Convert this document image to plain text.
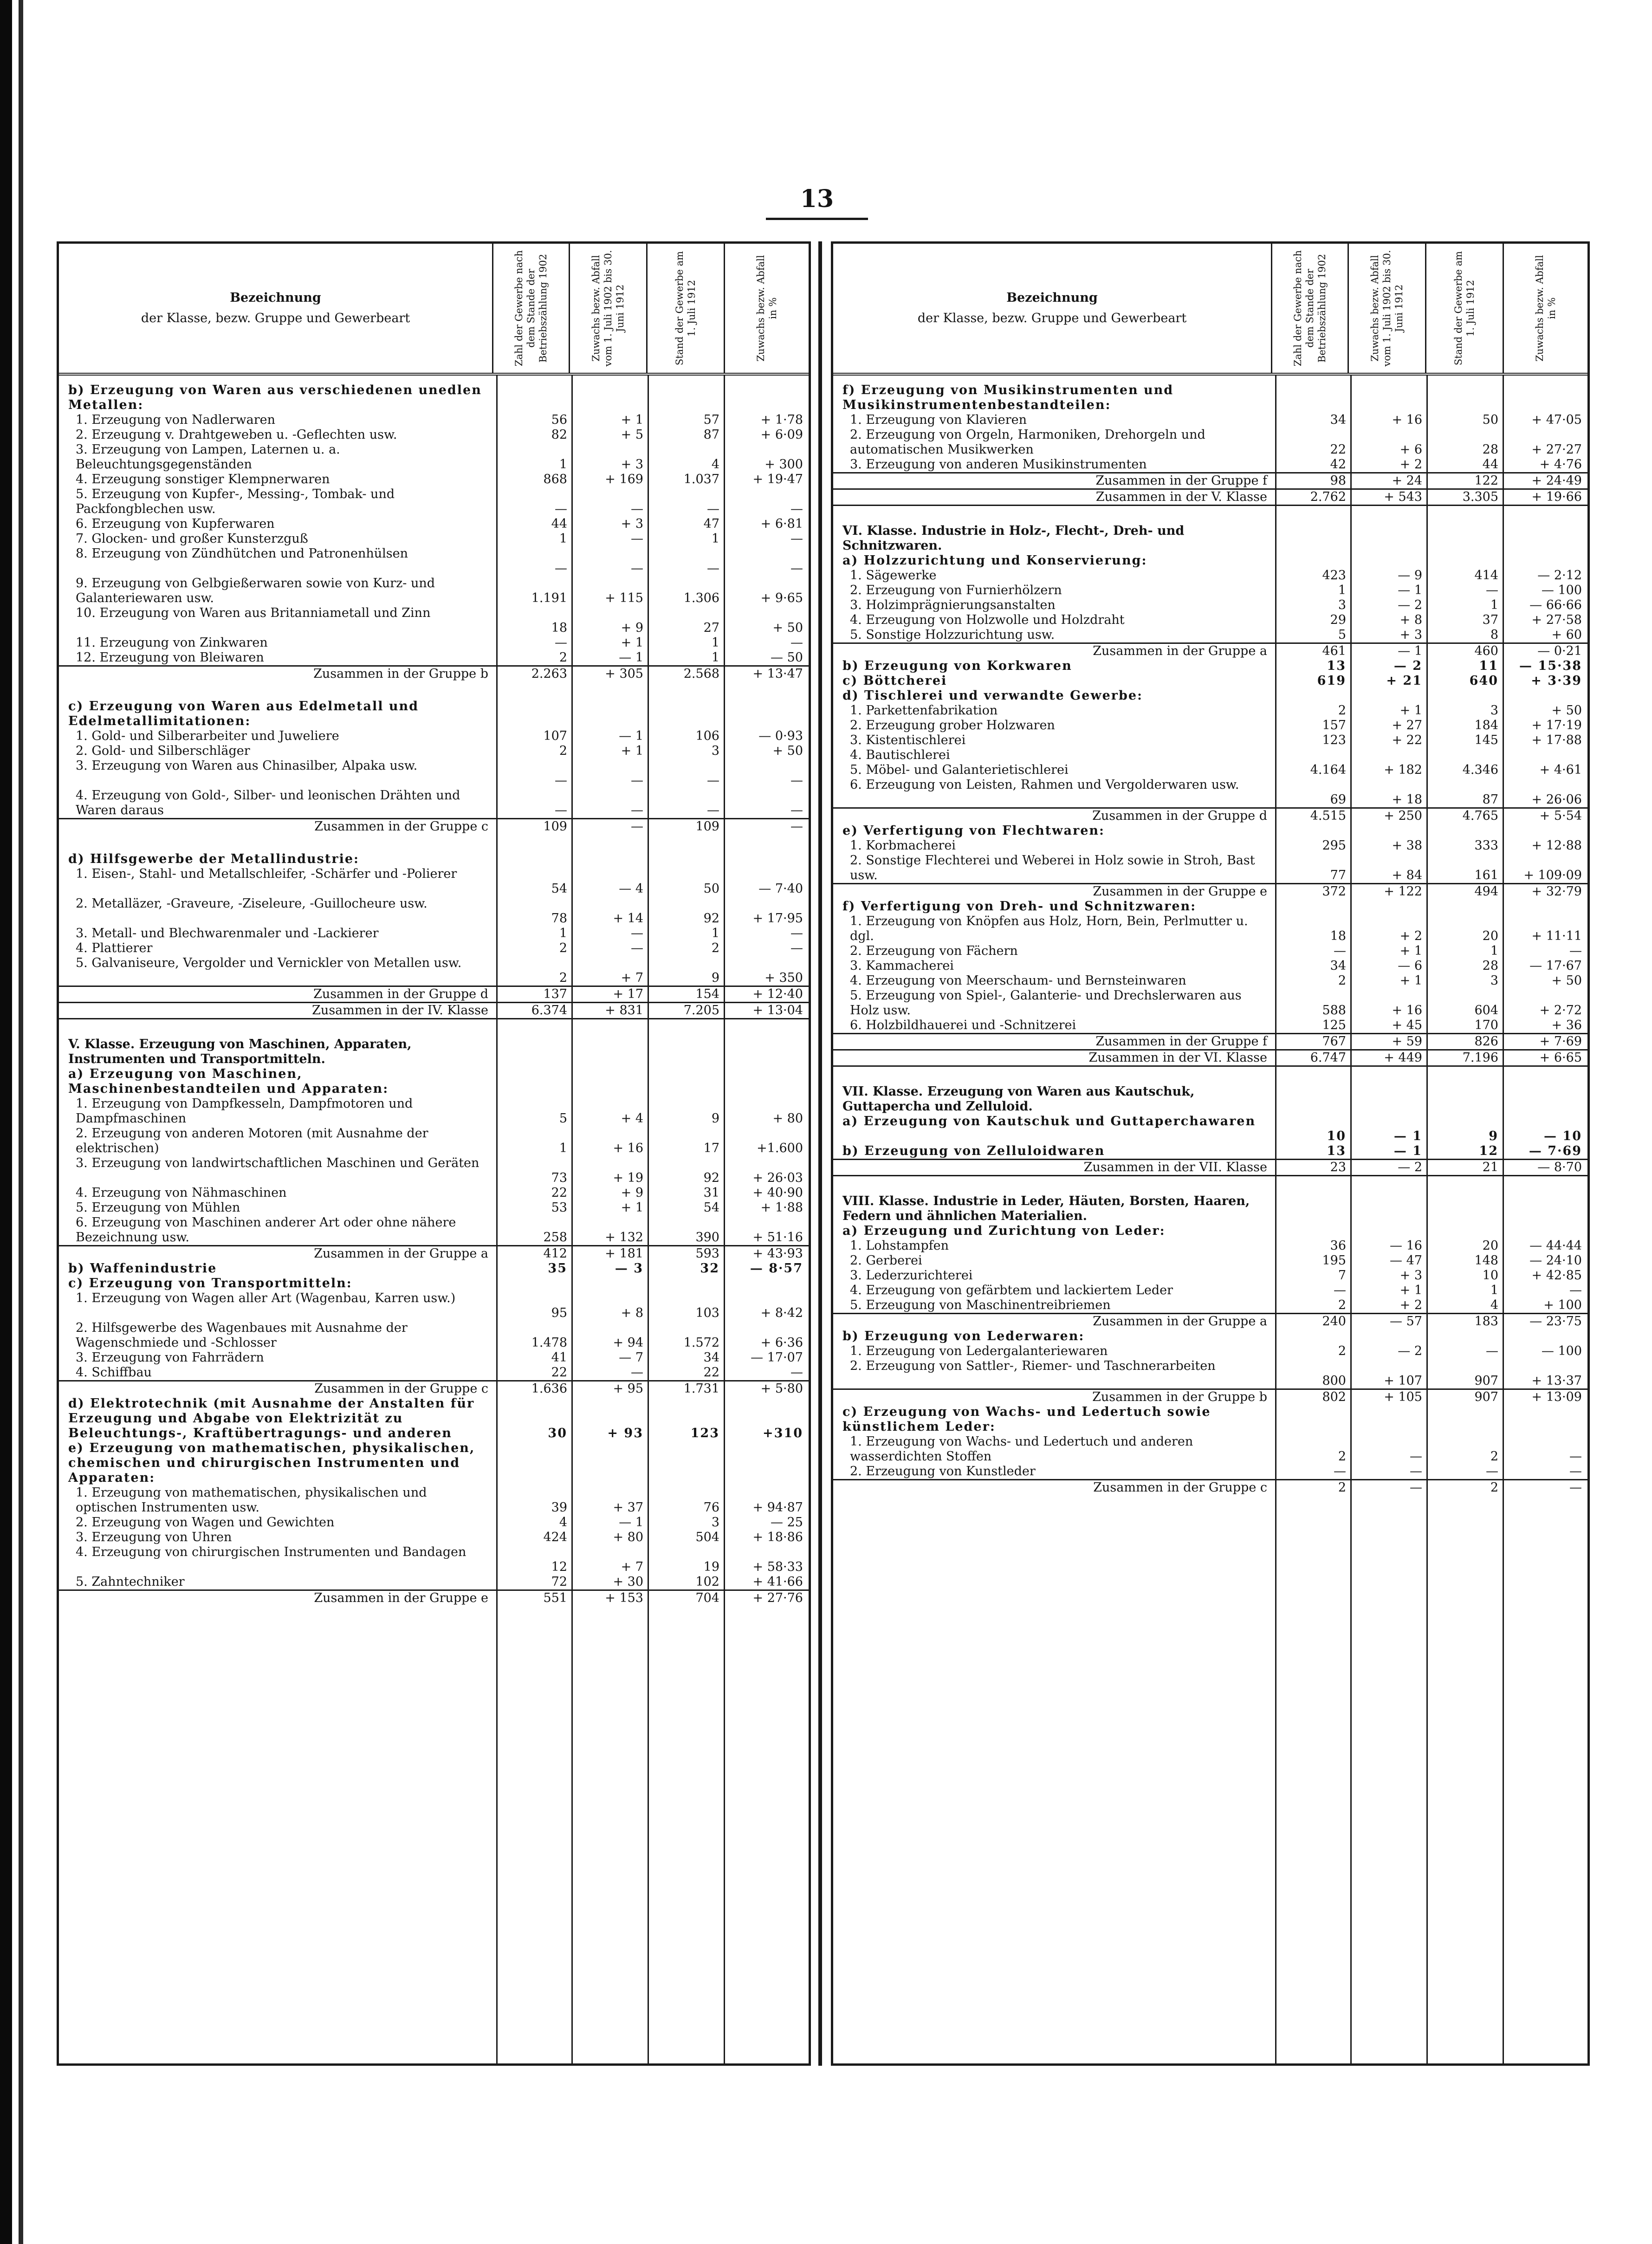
13
Bezeichnung
der Klasse, bezw. Gruppe und Gewerbeart	Zahl der Gewerbe nach dem Stande der Betriebszählung 1902	Zuwachs bezw. Abfall vom 1. Juli 1902 bis 30. Juni 1912	Stand der Gewerbe am 1. Juli 1912	Zuwachs bezw. Abfall in %
b) Erzeugung von Waren aus verschiedenen unedlen Metallen:
1. Erzeugung von Nadlerwaren	56	+ 1	57	+ 1·78
2. Erzeugung v. Drahtgeweben u. -Geflechten usw.	82	+ 5	87	+ 6·09
3. Erzeugung von Lampen, Laternen u. a. Beleuchtungsgegenständen	1	+ 3	4	+ 300
4. Erzeugung sonstiger Klempnerwaren	868	+ 169	1.037	+ 19·47
5. Erzeugung von Kupfer-, Messing-, Tombak- und Packfongblechen usw.	—	—	—	—
6. Erzeugung von Kupferwaren	44	+ 3	47	+ 6·81
7. Glocken- und großer Kunsterzguß	1	—	1	—
8. Erzeugung von Zündhütchen und Patronenhülsen
—	—	—	—
9. Erzeugung von Gelbgießerwaren sowie von Kurz- und Galanteriewaren usw.	1.191	+ 115	1.306	+ 9·65
10. Erzeugung von Waren aus Britanniametall und Zinn
18	+ 9	27	+ 50
11. Erzeugung von Zinkwaren	—	+ 1	1	—
12. Erzeugung von Bleiwaren	2	— 1	1	— 50
Zusammen in der Gruppe b	2.263	+ 305	2.568	+ 13·47
c) Erzeugung von Waren aus Edelmetall und Edelmetallimitationen:
1. Gold- und Silberarbeiter und Juweliere	107	— 1	106	— 0·93
2. Gold- und Silberschläger	2	+ 1	3	+ 50
3. Erzeugung von Waren aus Chinasilber, Alpaka usw.
—	—	—	—
4. Erzeugung von Gold-, Silber- und leonischen Drähten und Waren daraus	—	—	—	—
Zusammen in der Gruppe c	109	—	109	—
d) Hilfsgewerbe der Metallindustrie:
1. Eisen-, Stahl- und Metallschleifer, -Schärfer und -Polierer
54	— 4	50	— 7·40
2. Metalläzer, -Graveure, -Ziseleure, -Guillocheure usw.
78	+ 14	92	+ 17·95
3. Metall- und Blechwarenmaler und -Lackierer	1	—	1	—
4. Plattierer	2	—	2	—
5. Galvaniseure, Vergolder und Vernickler von Metallen usw.
2	+ 7	9	+ 350
Zusammen in der Gruppe d	137	+ 17	154	+ 12·40
Zusammen in der IV. Klasse	6.374	+ 831	7.205	+ 13·04
V. Klasse. Erzeugung von Maschinen, Apparaten, Instrumenten und Transportmitteln.
a) Erzeugung von Maschinen, Maschinenbestandteilen und Apparaten:
1. Erzeugung von Dampfkesseln, Dampfmotoren und Dampfmaschinen	5	+ 4	9	+ 80
2. Erzeugung von anderen Motoren (mit Ausnahme der elektrischen)	1	+ 16	17	+1.600
3. Erzeugung von landwirtschaftlichen Maschinen und Geräten
73	+ 19	92	+ 26·03
4. Erzeugung von Nähmaschinen	22	+ 9	31	+ 40·90
5. Erzeugung von Mühlen	53	+ 1	54	+ 1·88
6. Erzeugung von Maschinen anderer Art oder ohne nähere Bezeichnung usw.	258	+ 132	390	+ 51·16
Zusammen in der Gruppe a	412	+ 181	593	+ 43·93
b) Waffenindustrie	35	— 3	32	— 8·57
c) Erzeugung von Transportmitteln:
1. Erzeugung von Wagen aller Art (Wagenbau, Karren usw.)
95	+ 8	103	+ 8·42
2. Hilfsgewerbe des Wagenbaues mit Ausnahme der Wagenschmiede und -Schlosser	1.478	+ 94	1.572	+ 6·36
3. Erzeugung von Fahrrädern	41	— 7	34	— 17·07
4. Schiffbau	22	—	22	—
Zusammen in der Gruppe c	1.636	+ 95	1.731	+ 5·80
d) Elektrotechnik (mit Ausnahme der Anstalten für Erzeugung und Abgabe von Elektrizität zu Beleuchtungs-, Kraftübertragungs- und anderen	30	+ 93	123	+310
e) Erzeugung von mathematischen, physikalischen, chemischen und chirurgischen Instrumenten und Apparaten:
1. Erzeugung von mathematischen, physikalischen und optischen Instrumenten usw.	39	+ 37	76	+ 94·87
2. Erzeugung von Wagen und Gewichten	4	— 1	3	— 25
3. Erzeugung von Uhren	424	+ 80	504	+ 18·86
4. Erzeugung von chirurgischen Instrumenten und Bandagen
12	+ 7	19	+ 58·33
5. Zahntechniker	72	+ 30	102	+ 41·66
Zusammen in der Gruppe e	551	+ 153	704	+ 27·76
Bezeichnung
der Klasse, bezw. Gruppe und Gewerbeart	Zahl der Gewerbe nach dem Stande der Betriebszählung 1902	Zuwachs bezw. Abfall vom 1. Juli 1902 bis 30. Juni 1912	Stand der Gewerbe am 1. Juli 1912	Zuwachs bezw. Abfall in %
f) Erzeugung von Musikinstrumenten und Musikinstrumentenbestandteilen:
1. Erzeugung von Klavieren	34	+ 16	50	+ 47·05
2. Erzeugung von Orgeln, Harmoniken, Drehorgeln und automatischen Musikwerken	22	+ 6	28	+ 27·27
3. Erzeugung von anderen Musikinstrumenten	42	+ 2	44	+ 4·76
Zusammen in der Gruppe f	98	+ 24	122	+ 24·49
Zusammen in der V. Klasse	2.762	+ 543	3.305	+ 19·66
VI. Klasse. Industrie in Holz-, Flecht-, Dreh- und Schnitzwaren.
a) Holzzurichtung und Konservierung:
1. Sägewerke	423	— 9	414	— 2·12
2. Erzeugung von Furnierhölzern	1	— 1	—	— 100
3. Holzimprägnierungsanstalten	3	— 2	1	— 66·66
4. Erzeugung von Holzwolle und Holzdraht	29	+ 8	37	+ 27·58
5. Sonstige Holzzurichtung usw.	5	+ 3	8	+ 60
Zusammen in der Gruppe a	461	— 1	460	— 0·21
b) Erzeugung von Korkwaren	13	— 2	11	— 15·38
c) Böttcherei	619	+ 21	640	+ 3·39
d) Tischlerei und verwandte Gewerbe:
1. Parkettenfabrikation	2	+ 1	3	+ 50
2. Erzeugung grober Holzwaren	157	+ 27	184	+ 17·19
3. Kistentischlerei	123	+ 22	145	+ 17·88
4. Bautischlerei
5. Möbel- und Galanterietischlerei	4.164	+ 182	4.346	+ 4·61
6. Erzeugung von Leisten, Rahmen und Vergolderwaren usw.
69	+ 18	87	+ 26·06
Zusammen in der Gruppe d	4.515	+ 250	4.765	+ 5·54
e) Verfertigung von Flechtwaren:
1. Korbmacherei	295	+ 38	333	+ 12·88
2. Sonstige Flechterei und Weberei in Holz sowie in Stroh, Bast usw.	77	+ 84	161	+ 109·09
Zusammen in der Gruppe e	372	+ 122	494	+ 32·79
f) Verfertigung von Dreh- und Schnitzwaren:
1. Erzeugung von Knöpfen aus Holz, Horn, Bein, Perlmutter u. dgl.	18	+ 2	20	+ 11·11
2. Erzeugung von Fächern	—	+ 1	1	—
3. Kammacherei	34	— 6	28	— 17·67
4. Erzeugung von Meerschaum- und Bernsteinwaren	2	+ 1	3	+ 50
5. Erzeugung von Spiel-, Galanterie- und Drechslerwaren aus Holz usw.	588	+ 16	604	+ 2·72
6. Holzbildhauerei und -Schnitzerei	125	+ 45	170	+ 36
Zusammen in der Gruppe f	767	+ 59	826	+ 7·69
Zusammen in der VI. Klasse	6.747	+ 449	7.196	+ 6·65
VII. Klasse. Erzeugung von Waren aus Kautschuk, Guttapercha und Zelluloid.
a) Erzeugung von Kautschuk und Guttaperchawaren
10	— 1	9	— 10
b) Erzeugung von Zelluloidwaren	13	— 1	12	— 7·69
Zusammen in der VII. Klasse	23	— 2	21	— 8·70
VIII. Klasse. Industrie in Leder, Häuten, Borsten, Haaren, Federn und ähnlichen Materialien.
a) Erzeugung und Zurichtung von Leder:
1. Lohstampfen	36	— 16	20	— 44·44
2. Gerberei	195	— 47	148	— 24·10
3. Lederzurichterei	7	+ 3	10	+ 42·85
4. Erzeugung von gefärbtem und lackiertem Leder	—	+ 1	1	—
5. Erzeugung von Maschinentreibriemen	2	+ 2	4	+ 100
Zusammen in der Gruppe a	240	— 57	183	— 23·75
b) Erzeugung von Lederwaren:
1. Erzeugung von Ledergalanteriewaren	2	— 2	—	— 100
2. Erzeugung von Sattler-, Riemer- und Taschnerarbeiten
800	+ 107	907	+ 13·37
Zusammen in der Gruppe b	802	+ 105	907	+ 13·09
c) Erzeugung von Wachs- und Ledertuch sowie künstlichem Leder:
1. Erzeugung von Wachs- und Ledertuch und anderen wasserdichten Stoffen	2	—	2	—
2. Erzeugung von Kunstleder	—	—	—	—
Zusammen in der Gruppe c	2	—	2	—
